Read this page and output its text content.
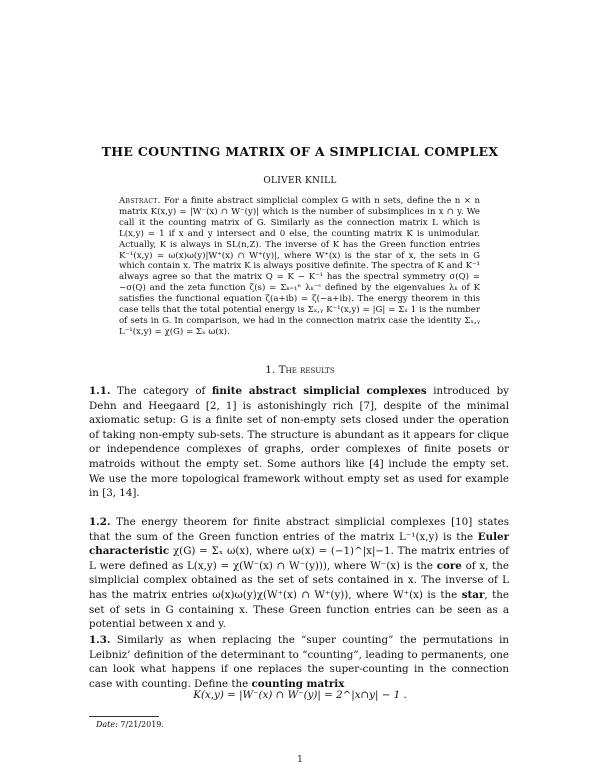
THE COUNTING MATRIX OF A SIMPLICIAL COMPLEX
OLIVER KNILL
Abstract. For a finite abstract simplicial complex G with n sets, define the n × n matrix K(x,y) = |W⁻(x) ∩ W⁻(y)| which is the number of subsimplices in x ∩ y. We call it the counting matrix of G. Similarly as the connection matrix L which is L(x,y) = 1 if x and y intersect and 0 else, the counting matrix K is unimodular. Actually, K is always in SL(n,Z). The inverse of K has the Green function entries K⁻¹(x,y) = ω(x)ω(y)|W⁺(x) ∩ W⁺(y)|, where W⁺(x) is the star of x, the sets in G which contain x. The matrix K is always positive definite. The spectra of K and K⁻¹ always agree so that the matrix Q = K − K⁻¹ has the spectral symmetry σ(Q) = −σ(Q) and the zeta function ζ(s) = Σₖ₌₁ⁿ λₖ⁻ˢ defined by the eigenvalues λₖ of K satisfies the functional equation ζ(a+ib) = ζ(−a+ib). The energy theorem in this case tells that the total potential energy is Σₓ,ᵧ K⁻¹(x,y) = |G| = Σₓ 1 is the number of sets in G. In comparison, we had in the connection matrix case the identity Σₓ,ᵧ L⁻¹(x,y) = χ(G) = Σₓ ω(x).
1. The results
1.1. The category of finite abstract simplicial complexes introduced by Dehn and Heegaard [2, 1] is astonishingly rich [7], despite of the minimal axiomatic setup: G is a finite set of non-empty sets closed under the operation of taking non-empty sub-sets. The structure is abundant as it appears for clique or independence complexes of graphs, order complexes of finite posets or matroids without the empty set. Some authors like [4] include the empty set. We use the more topological framework without empty set as used for example in [3, 14].
1.2. The energy theorem for finite abstract simplicial complexes [10] states that the sum of the Green function entries of the matrix L⁻¹(x,y) is the Euler characteristic χ(G) = Σₓ ω(x), where ω(x) = (−1)^|x|−1. The matrix entries of L were defined as L(x,y) = χ(W⁻(x) ∩ W⁻(y))), where W⁻(x) is the core of x, the simplicial complex obtained as the set of sets contained in x. The inverse of L has the matrix entries ω(x)ω(y)χ(W⁺(x) ∩ W⁺(y)), where W⁺(x) is the star, the set of sets in G containing x. These Green function entries can be seen as a potential between x and y.
1.3. Similarly as when replacing the “super counting” the permutations in Leibniz’ definition of the determinant to “counting”, leading to permanents, one can look what happens if one replaces the super-counting in the connection case with counting. Define the counting matrix
K(x,y) = |W⁻(x) ∩ W⁻(y)| = 2^|x∩y| − 1 .
Date: 7/21/2019.
1
